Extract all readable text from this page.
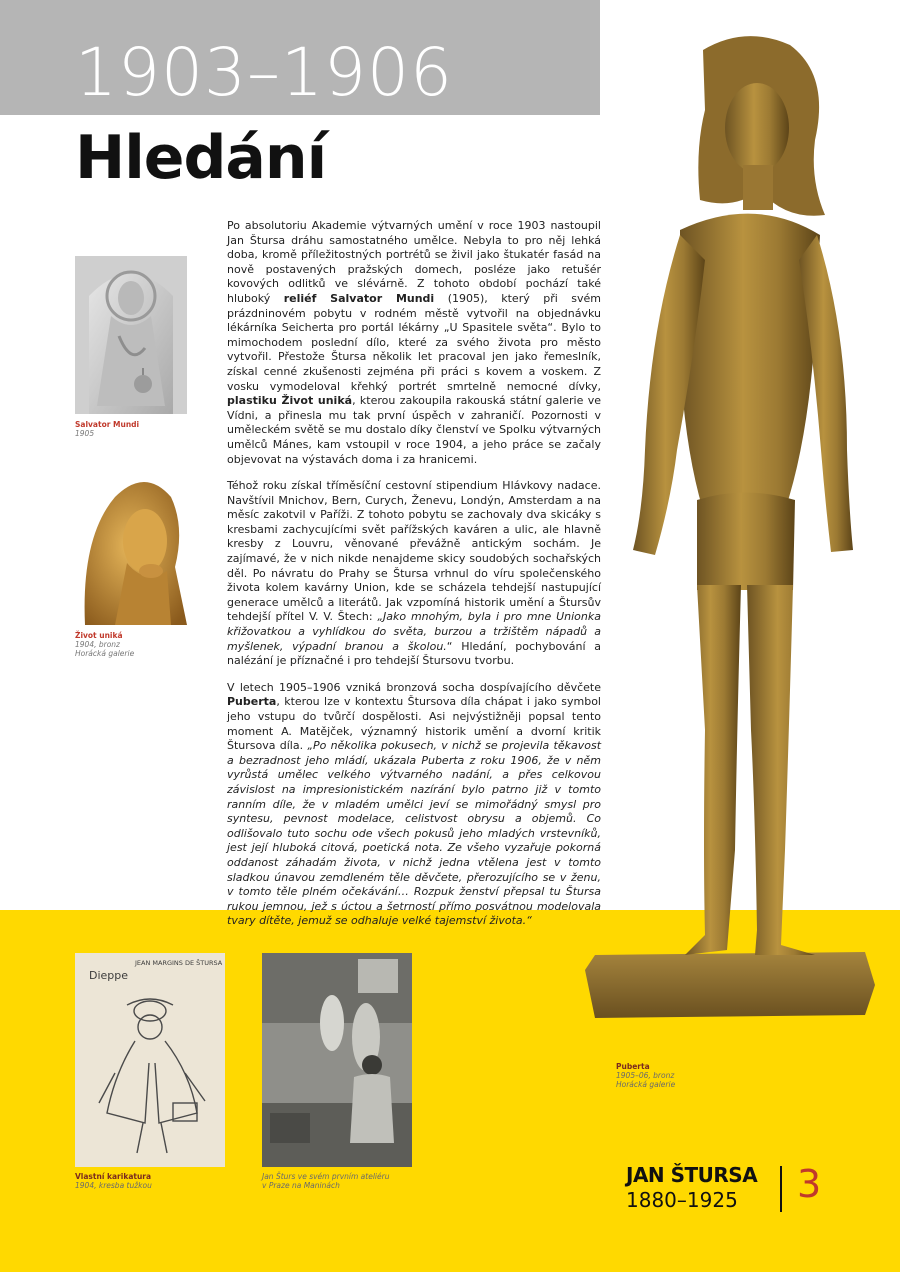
1903–1906
Hledání
Salvator Mundi
1905
Život uniká
1904, bronz
Horácká galerie

Po absolutoriu Akademie výtvarných umění v roce 1903 nastoupil Jan Štursa dráhu samostatného umělce. Nebyla to pro něj lehká doba, kromě příležitostných portrétů se živil jako štukatér fasád na nově postavených pražských domech, posléze jako retušér kovových odlitků ve slévárně. Z tohoto období pochází také hluboký reliéf Salvator Mundi (1905), který při svém prázdninovém pobytu v rodném městě vytvořil na objednávku lékárníka Seicherta pro portál lékárny „U Spasitele světa“. Bylo to mimochodem poslední dílo, které za svého života pro město vytvořil. Přestože Štursa několik let pracoval jen jako řemeslník, získal cenné zkušenosti zejména při práci s kovem a voskem. Z vosku vymodeloval křehký portrét smrtelně nemocné dívky, plastiku Život uniká, kterou zakoupila rakouská státní galerie ve Vídni, a přinesla mu tak první úspěch v zahraničí. Pozornosti v uměleckém světě se mu dostalo díky členství ve Spolku výtvarných umělců Mánes, kam vstoupil v roce 1904, a jeho práce se začaly objevovat na výstavách doma i za hranicemi.

Téhož roku získal tříměsíční cestovní stipendium Hlávkovy nadace. Navštívil Mnichov, Bern, Curych, Ženevu, Londýn, Amsterdam a na měsíc zakotvil v Paříži. Z tohoto pobytu se zachovaly dva skicáky s kresbami zachycujícími svět pařížských kaváren a ulic, ale hlavně kresby z Louvru, věnované převážně antickým sochám. Je zajímavé, že v nich nikde nenajdeme skicy soudobých sochařských děl. Po návratu do Prahy se Štursa vrhnul do víru společenského života kolem kavárny Union, kde se scházela tehdejší nastupující generace umělců a literátů. Jak vzpomíná historik umění a Štursův tehdejší přítel V. V. Štech: „Jako mnohým, byla i pro mne Unionka křižovatkou a vyhlídkou do světa, burzou a tržištěm nápadů a myšlenek, výpadní branou a školou.“ Hledání, pochybování a nalézání je příznačné i pro tehdejší Štursovu tvorbu.

V letech 1905–1906 vzniká bronzová socha dospívajícího děvčete Puberta, kterou lze v kontextu Štursova díla chápat i jako symbol jeho vstupu do tvůrčí dospělosti. Asi nejvýstižněji popsal tento moment A. Matějček, významný historik umění a dvorní kritik Štursova díla. „Po několika pokusech, v nichž se projevila těkavost a bezradnost jeho mládí, ukázala Puberta z roku 1906, že v něm vyrůstá umělec velkého výtvarného nadání, a přes celkovou závislost na impresionistickém nazírání bylo patrno již v tomto ranním díle, že v mladém umělci jeví se mimořádný smysl pro syntesu, pevnost modelace, celistvost obrysu a objemů. Co odlišovalo tuto sochu ode všech pokusů jeho mladých vrstevníků, jest její hluboká citová, poetická nota. Ze všeho vyzařuje pokorná oddanost záhadám života, v nichž jedna vtělena jest v tomto sladkou únavou zemdleném těle děvčete, přerozujícího se v ženu, v tomto těle plném očekávání… Rozpuk ženství přepsal tu Štursa rukou jemnou, jež s úctou a šetrností přímo posvátnou modelovala tvary dítěte, jemuž se odhaluje velké tajemství života.“

Puberta
1905–06, bronz
Horácká galerie
Dieppe
JEAN MARGINS DE ŠTURSA
Vlastní karikatura
1904, kresba tužkou
Jan Šturs ve svém prvním ateliéru
v Praze na Maninách	JAN ŠTURSA
1880–1925	3
